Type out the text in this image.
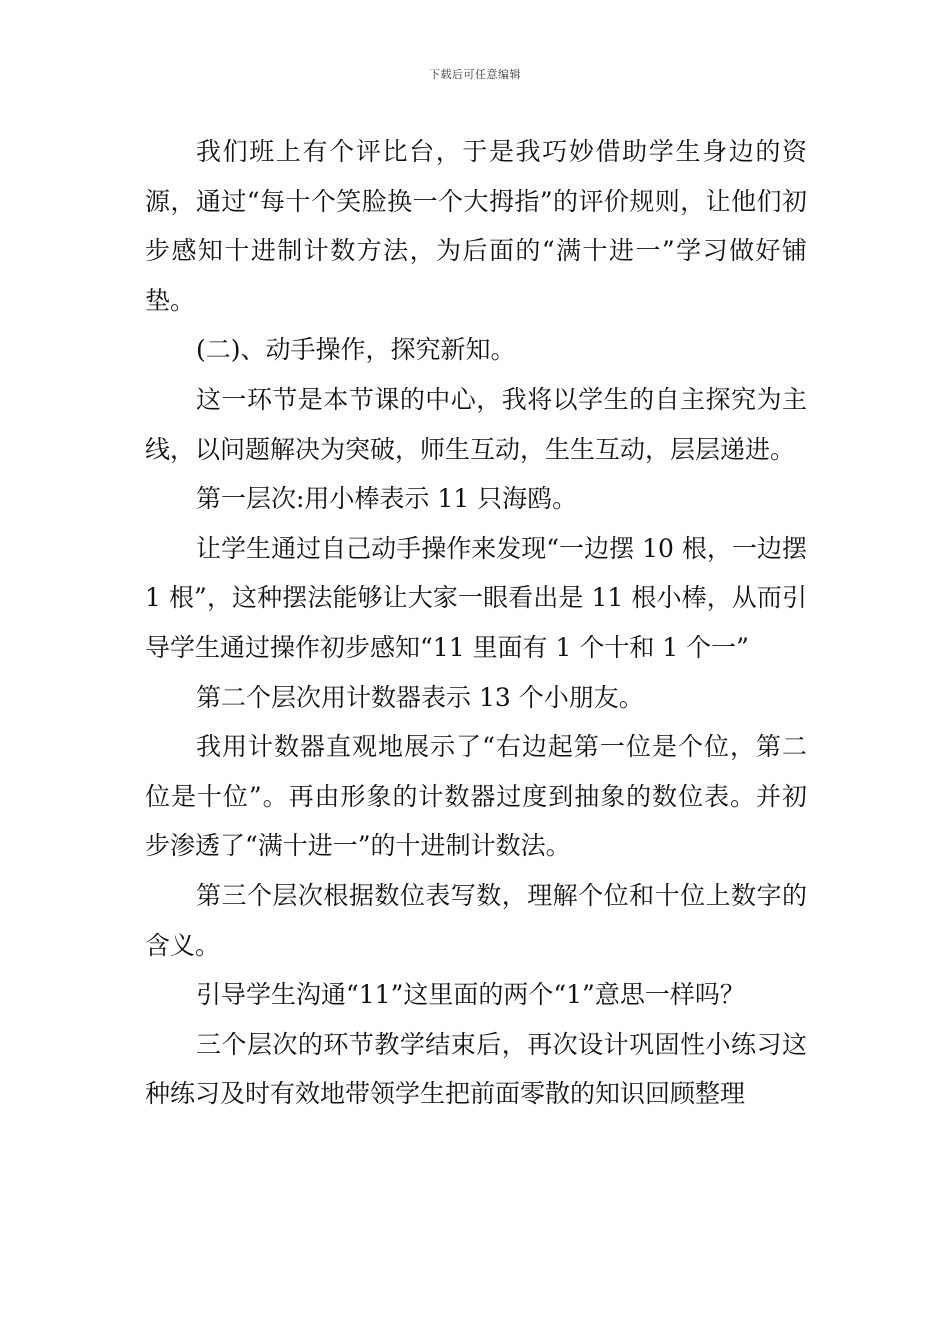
下载后可任意编辑

我们班上有个评比台，于是我巧妙借助学生身边的资源，通过“每十个笑脸换一个大拇指”的评价规则，让他们初步感知十进制计数方法，为后面的“满十进一”学习做好铺垫。

(二)、动手操作，探究新知。

这一环节是本节课的中心，我将以学生的自主探究为主线，以问题解决为突破，师生互动，生生互动，层层递进。

第一层次:用小棒表示 11 只海鸥。

让学生通过自己动手操作来发现“一边摆 10 根，一边摆 1 根”，这种摆法能够让大家一眼看出是 11 根小棒，从而引导学生通过操作初步感知“11 里面有 1 个十和 1 个一”

第二个层次用计数器表示 13 个小朋友。

我用计数器直观地展示了“右边起第一位是个位，第二位是十位”。再由形象的计数器过度到抽象的数位表。并初步渗透了“满十进一”的十进制计数法。

第三个层次根据数位表写数，理解个位和十位上数字的含义。

引导学生沟通“11”这里面的两个“1”意思一样吗？

三个层次的环节教学结束后，再次设计巩固性小练习这种练习及时有效地带领学生把前面零散的知识回顾整理
